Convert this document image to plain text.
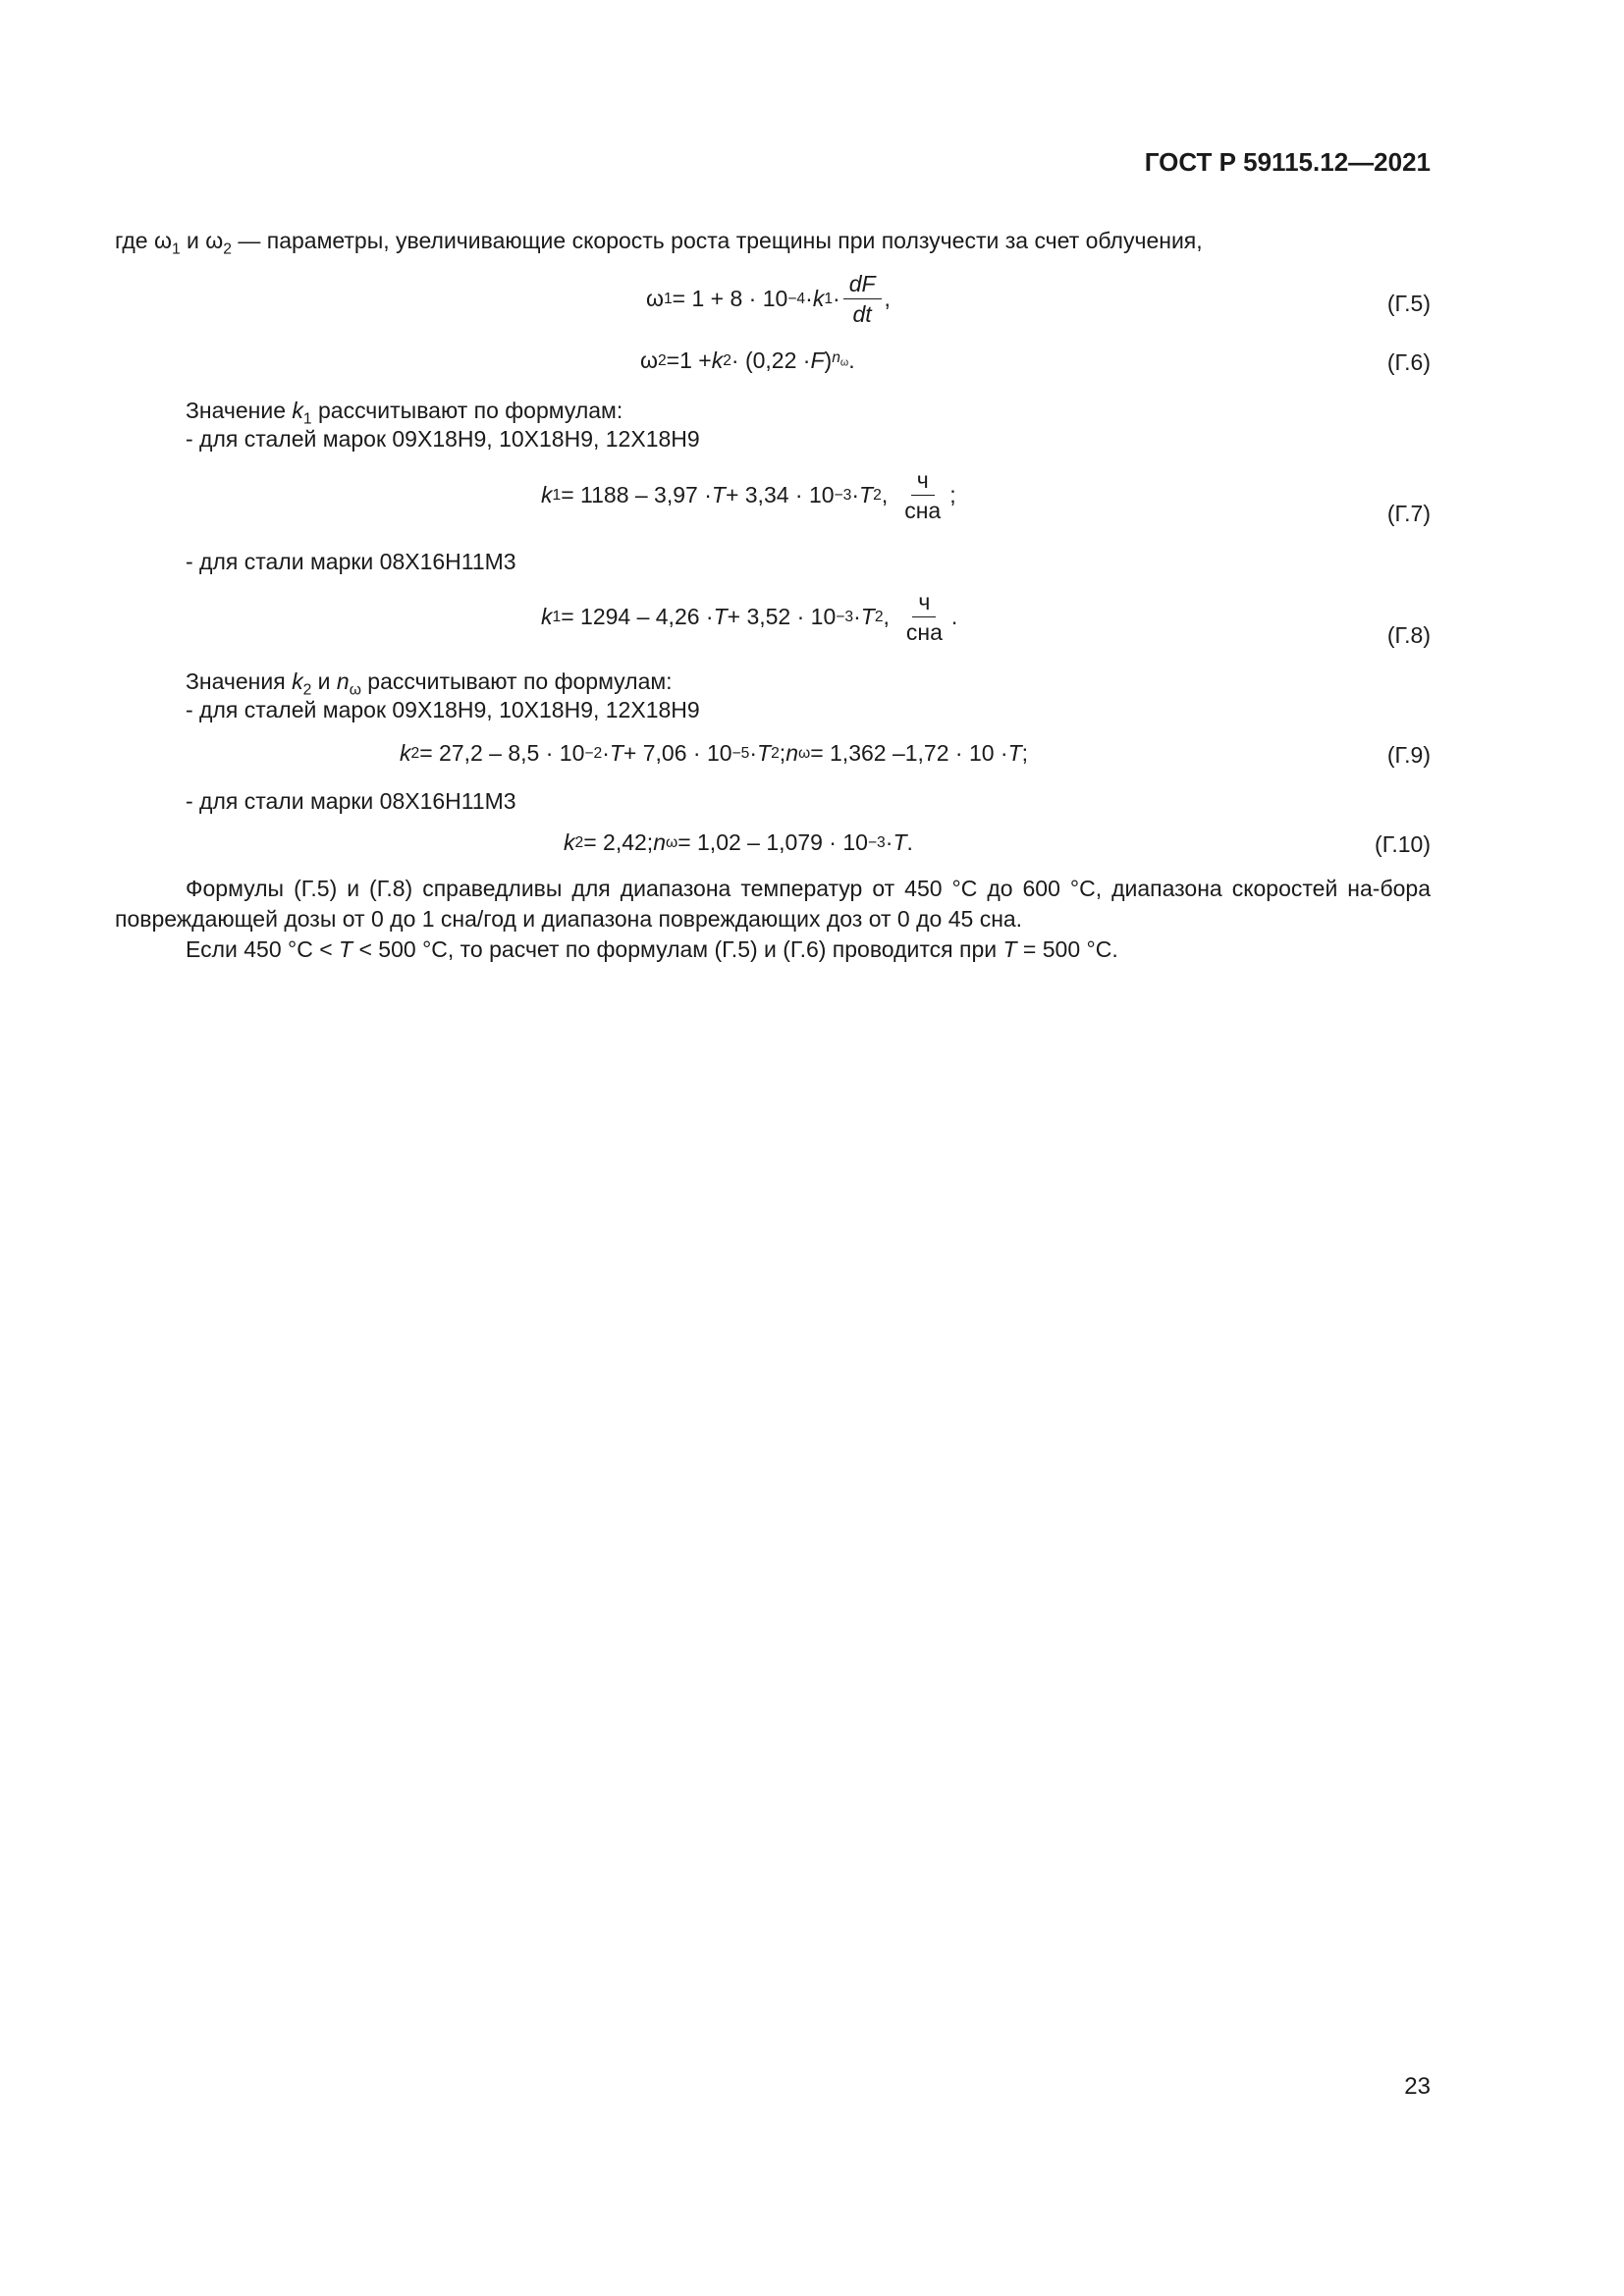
ГОСТ Р 59115.12—2021
где $\omega_1$ и $\omega_2$ — параметры, увеличивающие скорость роста трещины при ползучести за счет облучения,
ω 1 = 1 + 8 · 10 −4 · k $1 \cdot \frac{dF}{dt}$ ,	(Г.5)
ω 2 =1 + k 2 · (0,22 · F ) $n_\omega$ .	(Г.6)
Значение $k_1$ рассчитывают по формулам:
- для сталей марок 09Х18Н9, 10Х18Н9, 12Х18Н9
k 1 = 1188 – 3,97 · T + 3,34 · 10 −3 · T 2 , $\frac{ч}{\text{сна}}$ ;
(Г.7)
- для стали марки 08Х16Н11М3
k 1 = 1294 – 4,26 · T + 3,52 · 10 −3 · T 2 , $\frac{ч}{\text{сна}}$ .
(Г.8)
Значения $k_2$ и $n_\omega$ рассчитывают по формулам:
- для сталей марок 09Х18Н9, 10Х18Н9, 12Х18Н9
k 2 = 27,2 – 8,5 · 10 −2 · T + 7,06 · 10 −5 · T 2 ; n ω = 1,362 –1,72 · 10 · T ;	(Г.9)
- для стали марки 08Х16Н11М3
k 2 = 2,42; n ω = 1,02 – 1,079 · 10 −3 · T .	(Г.10)
Формулы (Г.5) и (Г.8) справедливы для диапазона температур от 450 °С до 600 °С, диапазона скоростей на-бора повреждающей дозы от 0 до 1 сна/год и диапазона повреждающих доз от 0 до 45 сна.
Если 450 °С < T < 500 °С, то расчет по формулам (Г.5) и (Г.6) проводится при T = 500 °С.
23
